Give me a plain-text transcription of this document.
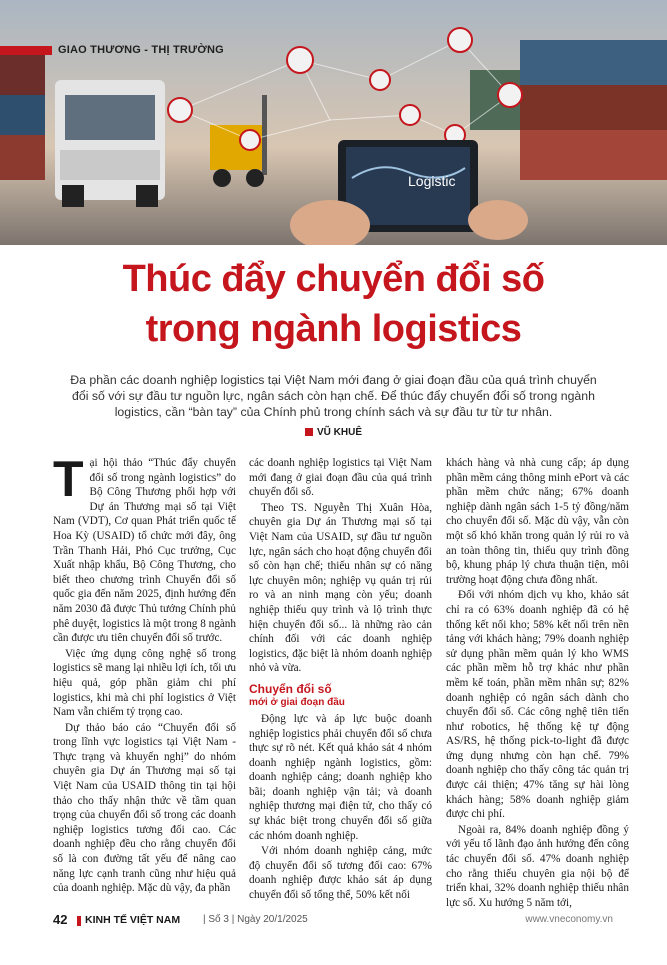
Logistic
GIAO THƯƠNG - THỊ TRƯỜNG
Thúc đẩy chuyển đổi số
trong ngành logistics
Đa phần các doanh nghiệp logistics tại Việt Nam mới đang ở giai đoạn đầu của quá trình chuyển đổi số với sự đầu tư nguồn lực, ngân sách còn hạn chế. Để thúc đẩy chuyển đổi số trong ngành logistics, cần “bàn tay” của Chính phủ trong chính sách và sự đầu tư từ tư nhân.
VŨ KHUÊ

Tại hội thảo “Thúc đẩy chuyển đổi số trong ngành logistics” do Bộ Công Thương phối hợp với Dự án Thương mại số tại Việt Nam (VDT), Cơ quan Phát triển quốc tế Hoa Kỳ (USAID) tổ chức mới đây, ông Trần Thanh Hải, Phó Cục trưởng, Cục Xuất nhập khẩu, Bộ Công Thương, cho biết theo chương trình Chuyển đổi số quốc gia đến năm 2025, định hướng đến năm 2030 đã được Thủ tướng Chính phủ phê duyệt, logistics là một trong 8 ngành cần được ưu tiên chuyển đổi số trước.

Việc ứng dụng công nghệ số trong logistics sẽ mang lại nhiều lợi ích, tối ưu hiệu quả, góp phần giảm chi phí logistics, khi mà chi phí logistics ở Việt Nam vẫn chiếm tỷ trọng cao.

Dự thảo báo cáo “Chuyển đổi số trong lĩnh vực logistics tại Việt Nam - Thực trạng và khuyến nghị” do nhóm chuyên gia Dự án Thương mại số tại Việt Nam của USAID thông tin tại hội thảo cho thấy nhận thức về tầm quan trọng của chuyển đổi số trong các doanh nghiệp logistics tương đối cao. Các doanh nghiệp đều cho rằng chuyển đổi số là con đường tất yếu để nâng cao năng lực cạnh tranh cũng như hiệu quả của doanh nghiệp. Mặc dù vậy, đa phần

các doanh nghiệp logistics tại Việt Nam mới đang ở giai đoạn đầu của quá trình chuyển đổi số.

Theo TS. Nguyễn Thị Xuân Hòa, chuyên gia Dự án Thương mại số tại Việt Nam của USAID, sự đầu tư nguồn lực, ngân sách cho hoạt động chuyển đổi số còn hạn chế; thiếu nhân sự có năng lực chuyên môn; nghiệp vụ quản trị rủi ro và an ninh mạng còn yếu; doanh nghiệp thiếu quy trình và lộ trình thực hiện chuyển đổi số... là những rào cản chính đối với các doanh nghiệp logistics, đặc biệt là nhóm doanh nghiệp nhỏ và vừa.

Chuyển đổi số
mới ở giai đoạn đầu

Động lực và áp lực buộc doanh nghiệp logistics phải chuyển đổi số chưa thực sự rõ nét. Kết quả khảo sát 4 nhóm doanh nghiệp ngành logistics, gồm: doanh nghiệp cảng; doanh nghiệp kho bãi; doanh nghiệp vận tải; và doanh nghiệp thương mại điện tử, cho thấy có sự khác biệt trong chuyển đổi số giữa các nhóm doanh nghiệp.

Với nhóm doanh nghiệp cảng, mức độ chuyển đổi số tương đối cao: 67% doanh nghiệp được khảo sát áp dụng chuyển đổi số tổng thể, 50% kết nối

khách hàng và nhà cung cấp; áp dụng phần mềm cảng thông minh ePort và các phần mềm chức năng; 67% doanh nghiệp dành ngân sách 1-5 tỷ đồng/năm cho chuyển đổi số. Mặc dù vậy, vẫn còn một số khó khăn trong quản lý rủi ro và an toàn thông tin, thiếu quy trình đồng bộ, khung pháp lý chưa thuận tiện, môi trường hoạt động chưa đồng nhất.

Đối với nhóm dịch vụ kho, khảo sát chỉ ra có 63% doanh nghiệp đã có hệ thống kết nối kho; 58% kết nối trên nền tảng với khách hàng; 79% doanh nghiệp sử dụng phần mềm quản lý kho WMS các phần mềm hỗ trợ khác như phần mềm kế toán, phần mềm nhân sự; 82% doanh nghiệp có ngân sách dành cho chuyển đổi số. Các công nghệ tiên tiến như robotics, hệ thống kệ tự động AS/RS, hệ thống pick-to-light đã được ứng dụng nhưng còn hạn chế. 79% doanh nghiệp cho thấy công tác quản trị được cải thiện; 47% tăng sự hài lòng khách hàng; 58% doanh nghiệp giảm được chi phí.

Ngoài ra, 84% doanh nghiệp đồng ý với yếu tố lãnh đạo ảnh hưởng đến công tác chuyển đổi số. 47% doanh nghiệp cho rằng thiếu chuyên gia nội bộ để triển khai, 32% doanh nghiệp thiếu nhân lực số. Xu hướng 5 năm tới,

42 KINH TẾ VIỆT NAM | Số 3 | Ngày 20/1/2025	www.vneconomy.vn
